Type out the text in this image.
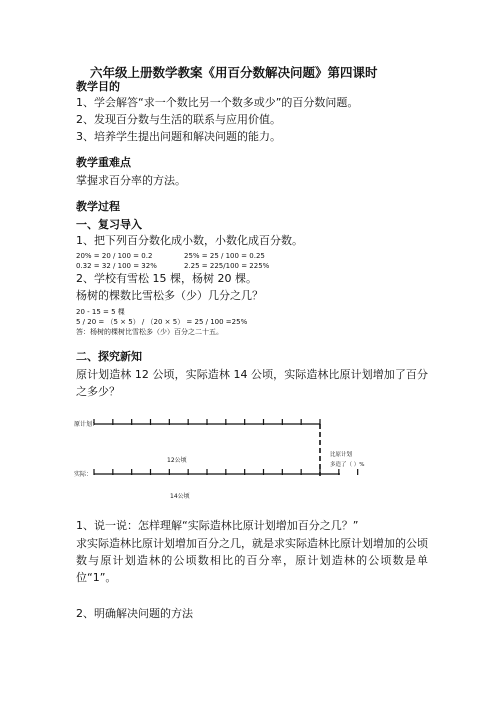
六年级上册数学教案《用百分数解决问题》第四课时
教学目的
1、学会解答“求一个数比另一个数多或少”的百分数问题。
2、发现百分数与生活的联系与应用价值。
3、培养学生提出问题和解决问题的能力。
教学重难点
掌握求百分率的方法。
教学过程
一、复习导入
1、把下列百分数化成小数，小数化成百分数。
20% = 20 / 100 = 0.2	25% = 25 / 100 = 0.25
0.32 = 32 / 100 = 32%	2.25 = 225/100 = 225%
2、学校有雪松 15 棵，杨树 20 棵。
杨树的棵数比雪松多（少）几分之几？
20 - 15 = 5 棵
5 / 20 = （5 × 5） / （20 × 5） = 25 / 100 =25%
答：杨树的棵树比雪松多（少）百分之二十五。
二、探究新知
原计划造林 12 公顷，实际造林 14 公顷，实际造林比原计划增加了百分之多少？
原计划：
12公顷
比原计划
多造了（ ）%
实际：
14公顷
1、说一说：怎样理解“实际造林比原计划增加百分之几？”
求实际造林比原计划增加百分之几，就是求实际造林比原计划增加的公顷数与原计划造林的公顷数相比的百分率，原计划造林的公顷数是单位“1”。
2、明确解决问题的方法
